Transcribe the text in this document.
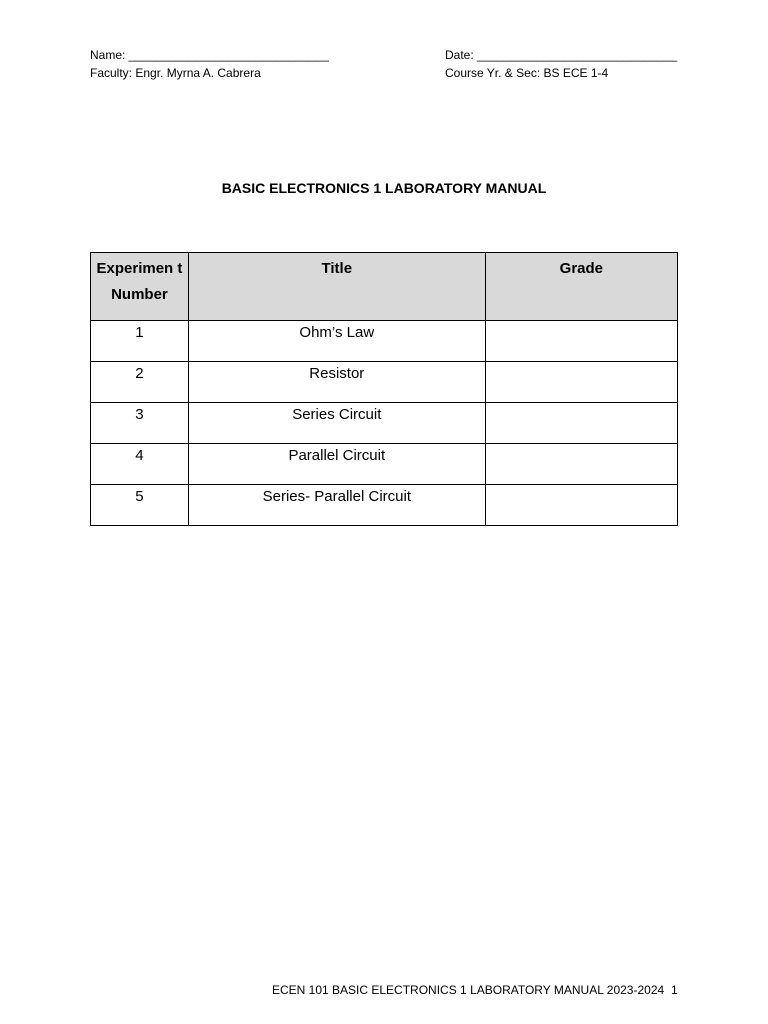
Name: ______________________________
Faculty: Engr. Myrna A. Cabrera
Date: ______________________________
Course Yr. & Sec: BS ECE 1-4
BASIC ELECTRONICS 1 LABORATORY MANUAL
Experimen t Number	Title	Grade
1	Ohm’s Law	
2	Resistor	
3	Series Circuit	
4	Parallel Circuit	
5	Series- Parallel Circuit	
ECEN 101 BASIC ELECTRONICS 1 LABORATORY MANUAL 2023-2024 1
